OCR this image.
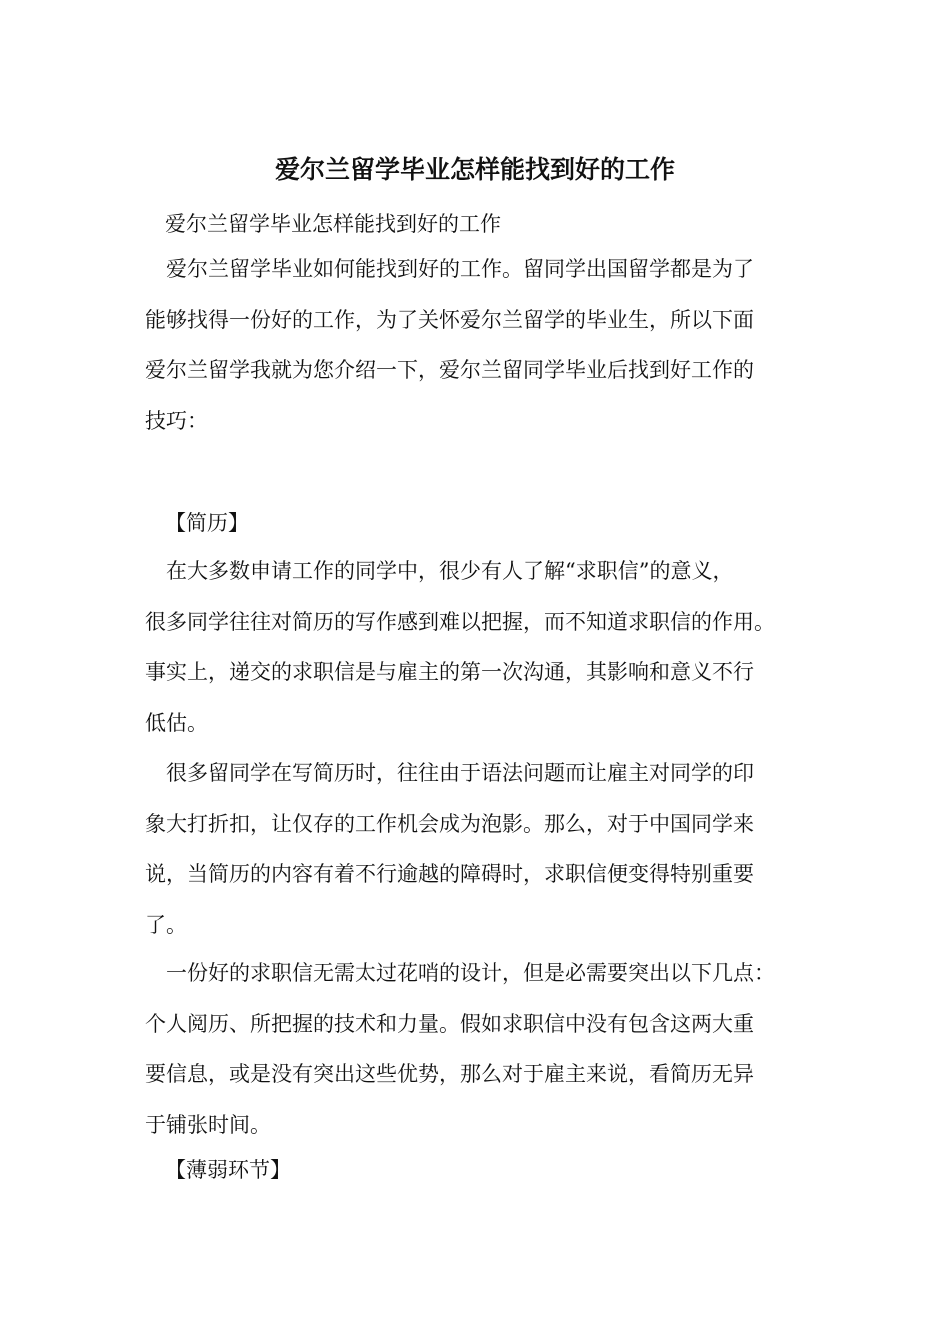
爱尔兰留学毕业怎样能找到好的工作
爱尔兰留学毕业怎样能找到好的工作
　爱尔兰留学毕业如何能找到好的工作。留同学出国留学都是为了
能够找得一份好的工作，为了关怀爱尔兰留学的毕业生，所以下面
爱尔兰留学我就为您介绍一下，爱尔兰留同学毕业后找到好工作的
技巧：
【简历】
　在大多数申请工作的同学中，很少有人了解“求职信”的意义，
很多同学往往对简历的写作感到难以把握，而不知道求职信的作用。
事实上，递交的求职信是与雇主的第一次沟通，其影响和意义不行
低估。
　很多留同学在写简历时，往往由于语法问题而让雇主对同学的印
象大打折扣，让仅存的工作机会成为泡影。那么，对于中国同学来
说，当简历的内容有着不行逾越的障碍时，求职信便变得特别重要
了。
　一份好的求职信无需太过花哨的设计，但是必需要突出以下几点：
个人阅历、所把握的技术和力量。假如求职信中没有包含这两大重
要信息，或是没有突出这些优势，那么对于雇主来说，看简历无异
于铺张时间。
【薄弱环节】
